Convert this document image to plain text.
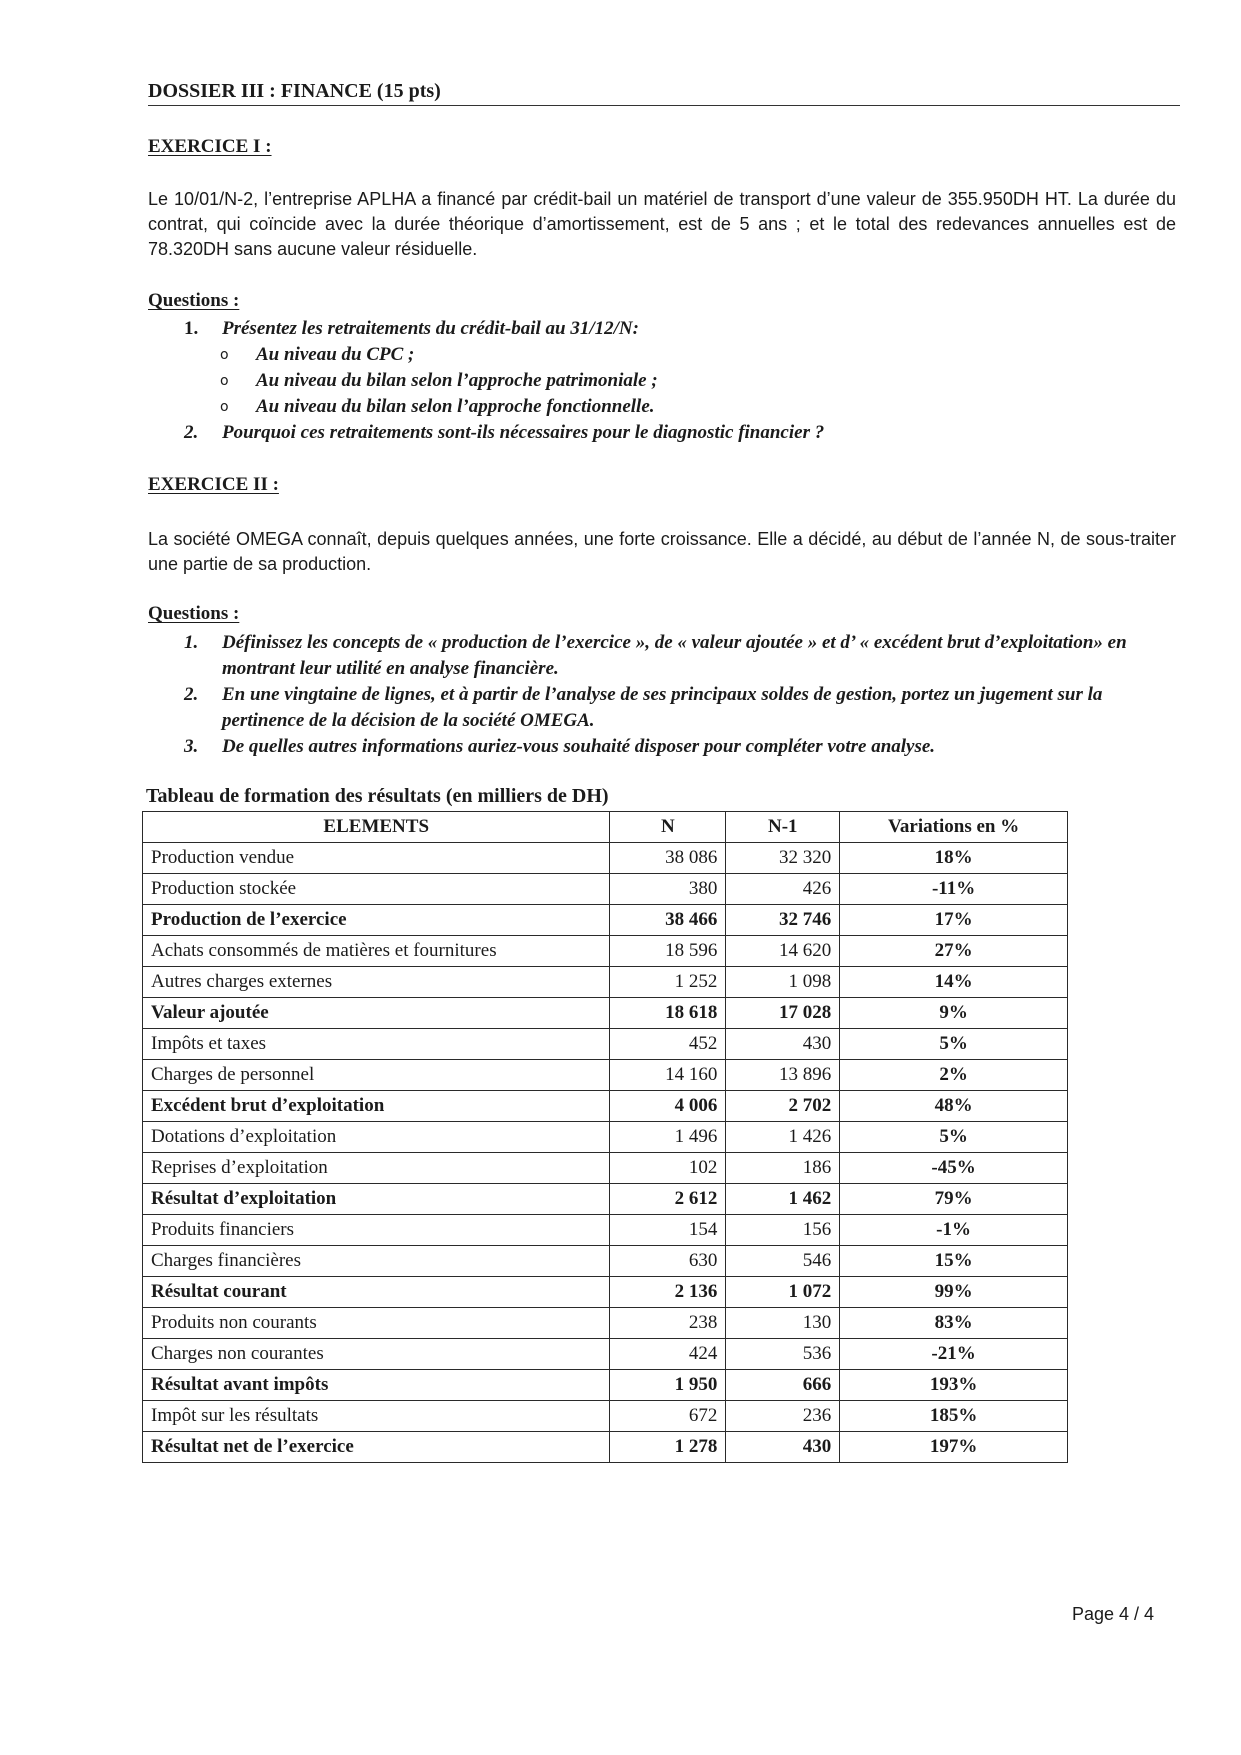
DOSSIER III : FINANCE (15 pts)
EXERCICE I :

Le 10/01/N-2, l’entreprise APLHA a financé par crédit-bail un matériel de transport d’une valeur de 355.950DH HT. La durée du contrat, qui coïncide avec la durée théorique d’amortissement, est de 5 ans ; et le total des redevances annuelles est de 78.320DH sans aucune valeur résiduelle.

Questions :
1. Présentez les retraitements du crédit-bail au 31/12/N:
o Au niveau du CPC ;
o Au niveau du bilan selon l’approche patrimoniale ;
o Au niveau du bilan selon l’approche fonctionnelle.
2. Pourquoi ces retraitements sont-ils nécessaires pour le diagnostic financier ?
EXERCICE II :

La société OMEGA connaît, depuis quelques années, une forte croissance. Elle a décidé, au début de l’année N, de sous-traiter une partie de sa production.

Questions :
1. Définissez les concepts de « production de l’exercice », de « valeur ajoutée » et d’ « excédent brut d’exploitation» en montrant leur utilité en analyse financière.
2. En une vingtaine de lignes, et à partir de l’analyse de ses principaux soldes de gestion, portez un jugement sur la pertinence de la décision de la société OMEGA.
3. De quelles autres informations auriez-vous souhaité disposer pour compléter votre analyse.
Tableau de formation des résultats (en milliers de DH)
ELEMENTS	N	N-1	Variations en %
Production vendue	38 086	32 320	18%
Production stockée	380	426	-11%
Production de l’exercice	38 466	32 746	17%
Achats consommés de matières et fournitures	18 596	14 620	27%
Autres charges externes	1 252	1 098	14%
Valeur ajoutée	18 618	17 028	9%
Impôts et taxes	452	430	5%
Charges de personnel	14 160	13 896	2%
Excédent brut d’exploitation	4 006	2 702	48%
Dotations d’exploitation	1 496	1 426	5%
Reprises d’exploitation	102	186	-45%
Résultat d’exploitation	2 612	1 462	79%
Produits financiers	154	156	-1%
Charges financières	630	546	15%
Résultat courant	2 136	1 072	99%
Produits non courants	238	130	83%
Charges non courantes	424	536	-21%
Résultat avant impôts	1 950	666	193%
Impôt sur les résultats	672	236	185%
Résultat net de l’exercice	1 278	430	197%
Page 4 / 4
